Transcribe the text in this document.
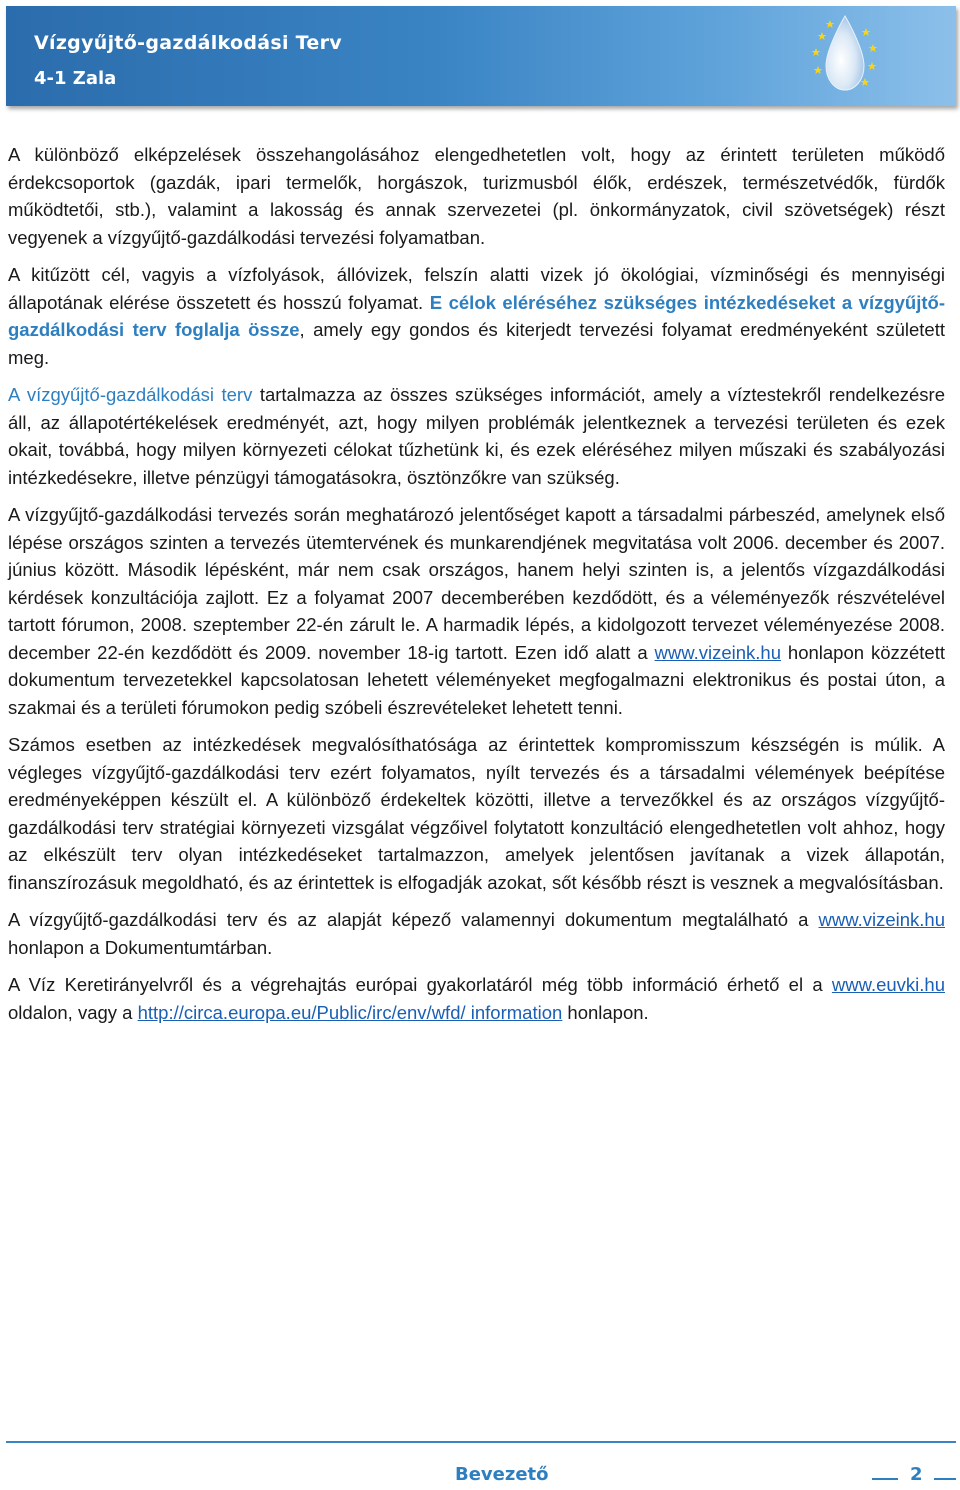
Vízgyűjtő-gazdálkodási Terv
4-1 Zala

A különböző elképzelések összehangolásához elengedhetetlen volt, hogy az érintett területen működő érdekcsoportok (gazdák, ipari termelők, horgászok, turizmusból élők, erdészek, természetvédők, fürdők működtetői, stb.), valamint a lakosság és annak szervezetei (pl. önkormányzatok, civil szövetségek) részt vegyenek a vízgyűjtő-gazdálkodási tervezési folyamatban.

A kitűzött cél, vagyis a vízfolyások, állóvizek, felszín alatti vizek jó ökológiai, vízminőségi és mennyiségi állapotának elérése összetett és hosszú folyamat. E célok eléréséhez szükséges intézkedéseket a vízgyűjtő-gazdálkodási terv foglalja össze, amely egy gondos és kiterjedt tervezési folyamat eredményeként született meg.

A vízgyűjtő-gazdálkodási terv tartalmazza az összes szükséges információt, amely a víztestekről rendelkezésre áll, az állapotértékelések eredményét, azt, hogy milyen problémák jelentkeznek a tervezési területen és ezek okait, továbbá, hogy milyen környezeti célokat tűzhetünk ki, és ezek eléréséhez milyen műszaki és szabályozási intézkedésekre, illetve pénzügyi támogatásokra, ösztönzőkre van szükség.

A vízgyűjtő-gazdálkodási tervezés során meghatározó jelentőséget kapott a társadalmi párbeszéd, amelynek első lépése országos szinten a tervezés ütemtervének és munkarendjének megvitatása volt 2006. december és 2007. június között. Második lépésként, már nem csak országos, hanem helyi szinten is, a jelentős vízgazdálkodási kérdések konzultációja zajlott. Ez a folyamat 2007 decemberében kezdődött, és a véleményezők részvételével tartott fórumon, 2008. szeptember 22-én zárult le. A harmadik lépés, a kidolgozott tervezet véleményezése 2008. december 22-én kezdődött és 2009. november 18-ig tartott. Ezen idő alatt a www.vizeink.hu honlapon közzétett dokumentum tervezetekkel kapcsolatosan lehetett véleményeket megfogalmazni elektronikus és postai úton, a szakmai és a területi fórumokon pedig szóbeli észrevételeket lehetett tenni.

Számos esetben az intézkedések megvalósíthatósága az érintettek kompromisszum készségén is múlik. A végleges vízgyűjtő-gazdálkodási terv ezért folyamatos, nyílt tervezés és a társadalmi vélemények beépítése eredményeképpen készült el. A különböző érdekeltek közötti, illetve a tervezőkkel és az országos vízgyűjtő-gazdálkodási terv stratégiai környezeti vizsgálat végzőivel folytatott konzultáció elengedhetetlen volt ahhoz, hogy az elkészült terv olyan intézkedéseket tartalmazzon, amelyek jelentősen javítanak a vizek állapotán, finanszírozásuk megoldható, és az érintettek is elfogadják azokat, sőt később részt is vesznek a megvalósításban.

A vízgyűjtő-gazdálkodási terv és az alapját képező valamennyi dokumentum megtalálható a www.vizeink.hu honlapon a Dokumentumtárban.

A Víz Keretirányelvről és a végrehajtás európai gyakorlatáról még több információ érhető el a www.euvki.hu oldalon, vagy a http://circa.europa.eu/Public/irc/env/wfd/ information honlapon.

Bevezető	2
